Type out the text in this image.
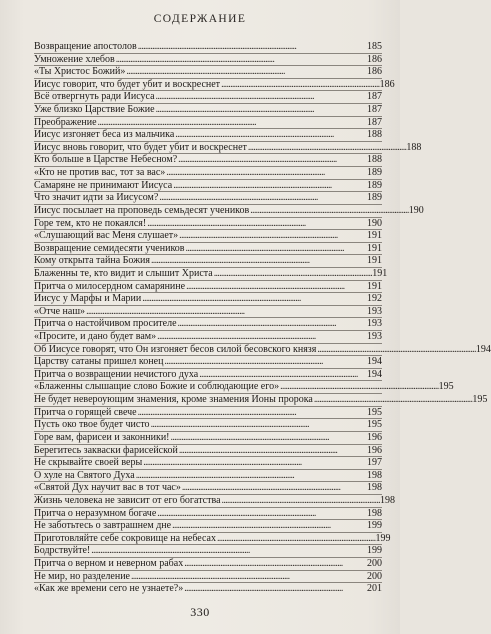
СОДЕРЖАНИЕ
Возвращение апостолов . . .	185
Умножение хлебов . . .	186
«Ты Христос Божий» . . .	186
Иисус говорит, что будет убит и воскреснет . . .	186
Всё отвергнуть ради Иисуса . . .	187
Уже близко Царствие Божие . . .	187
Преображение . . .	187
Иисус изгоняет беса из мальчика . . .	188
Иисус вновь говорит, что будет убит и воскреснет . . .	188
Кто больше в Царстве Небесном? . . .	188
«Кто не против вас, тот за вас» . . .	189
Самаряне не принимают Иисуса . . .	189
Что значит идти за Иисусом? . . .	189
Иисус посылает на проповедь семьдесят учеников . . .	190
Горе тем, кто не покаялся! . . .	190
«Слушающий вас Меня слушает» . . .	191
Возвращение семидесяти учеников . . .	191
Кому открыта тайна Божия . . .	191
Блаженны те, кто видит и слышит Христа . . .	191
Притча о милосердном самарянине . . .	191
Иисус у Марфы и Марии . . .	192
«Отче наш» . . .	193
Притча о настойчивом просителе . . .	193
«Просите, и дано будет вам» . . .	193
Об Иисусе говорят, что Он изгоняет бесов силой бесовского князя . . .	194
Царству сатаны пришел конец . . .	194
Притча о возвращении нечистого духа . . .	194
«Блаженны слышащие слово Божие и соблюдающие его» . . .	195
Не будет невероующим знамения, кроме знамения Ионы пророка . . .	195
Притча о горящей свече . . .	195
Пусть око твое будет чисто . . .	195
Горе вам, фарисеи и законники! . . .	196
Берегитесь закваски фарисейской . . .	196
Не скрывайте своей веры . . .	197
О хуле на Святого Духа . . .	198
«Святой Дух научит вас в тот час» . . .	198
Жизнь человека не зависит от его богатства . . .	198
Притча о неразумном богаче . . .	198
Не заботьтесь о завтрашнем дне . . .	199
Приготовляйте себе сокровище на небесах . . .	199
Бодрствуйте! . . .	199
Притча о верном и неверном рабах . . .	200
Не мир, но разделение . . .	200
«Как же времени сего не узнаете?» . . .	201
330
